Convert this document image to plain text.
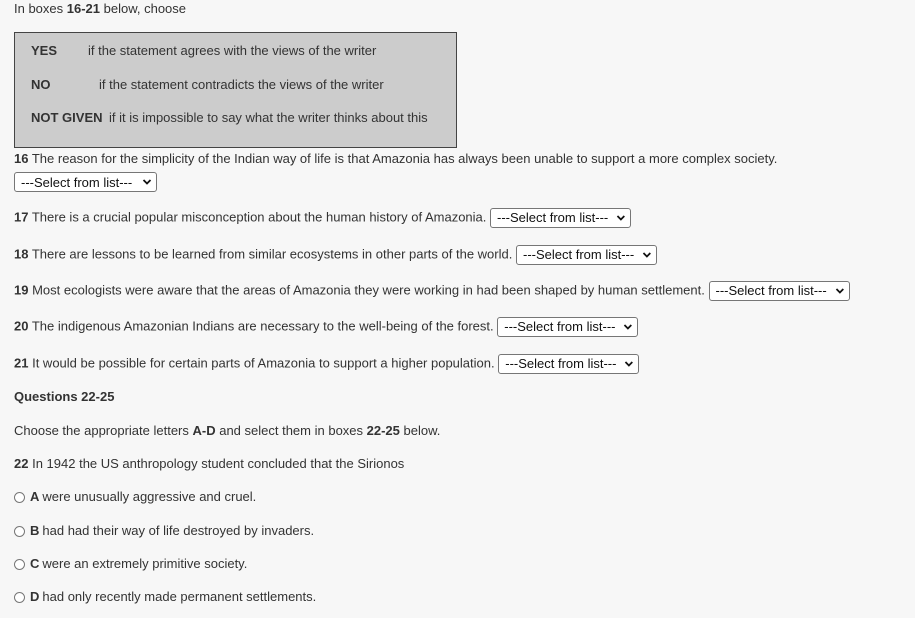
In boxes 16-21 below, choose
YES if the statement agrees with the views of the writer
NO	if the statement contradicts the views of the writer
NOT GIVEN if it is impossible to say what the writer thinks about this
16 The reason for the simplicity of the Indian way of life is that Amazonia has always been unable to support a more complex society.
---Select from list---
17 There is a crucial popular misconception about the human history of Amazonia. ---Select from list---
18 There are lessons to be learned from similar ecosystems in other parts of the world. ---Select from list---
19 Most ecologists were aware that the areas of Amazonia they were working in had been shaped by human settlement. ---Select from list---
20 The indigenous Amazonian Indians are necessary to the well-being of the forest. ---Select from list---
21 It would be possible for certain parts of Amazonia to support a higher population. ---Select from list---
Questions 22-25
Choose the appropriate letters A-D and select them in boxes 22-25 below.
22 In 1942 the US anthropology student concluded that the Sirionos
A were unusually aggressive and cruel.
B had had their way of life destroyed by invaders.
C were an extremely primitive society.
D had only recently made permanent settlements.
